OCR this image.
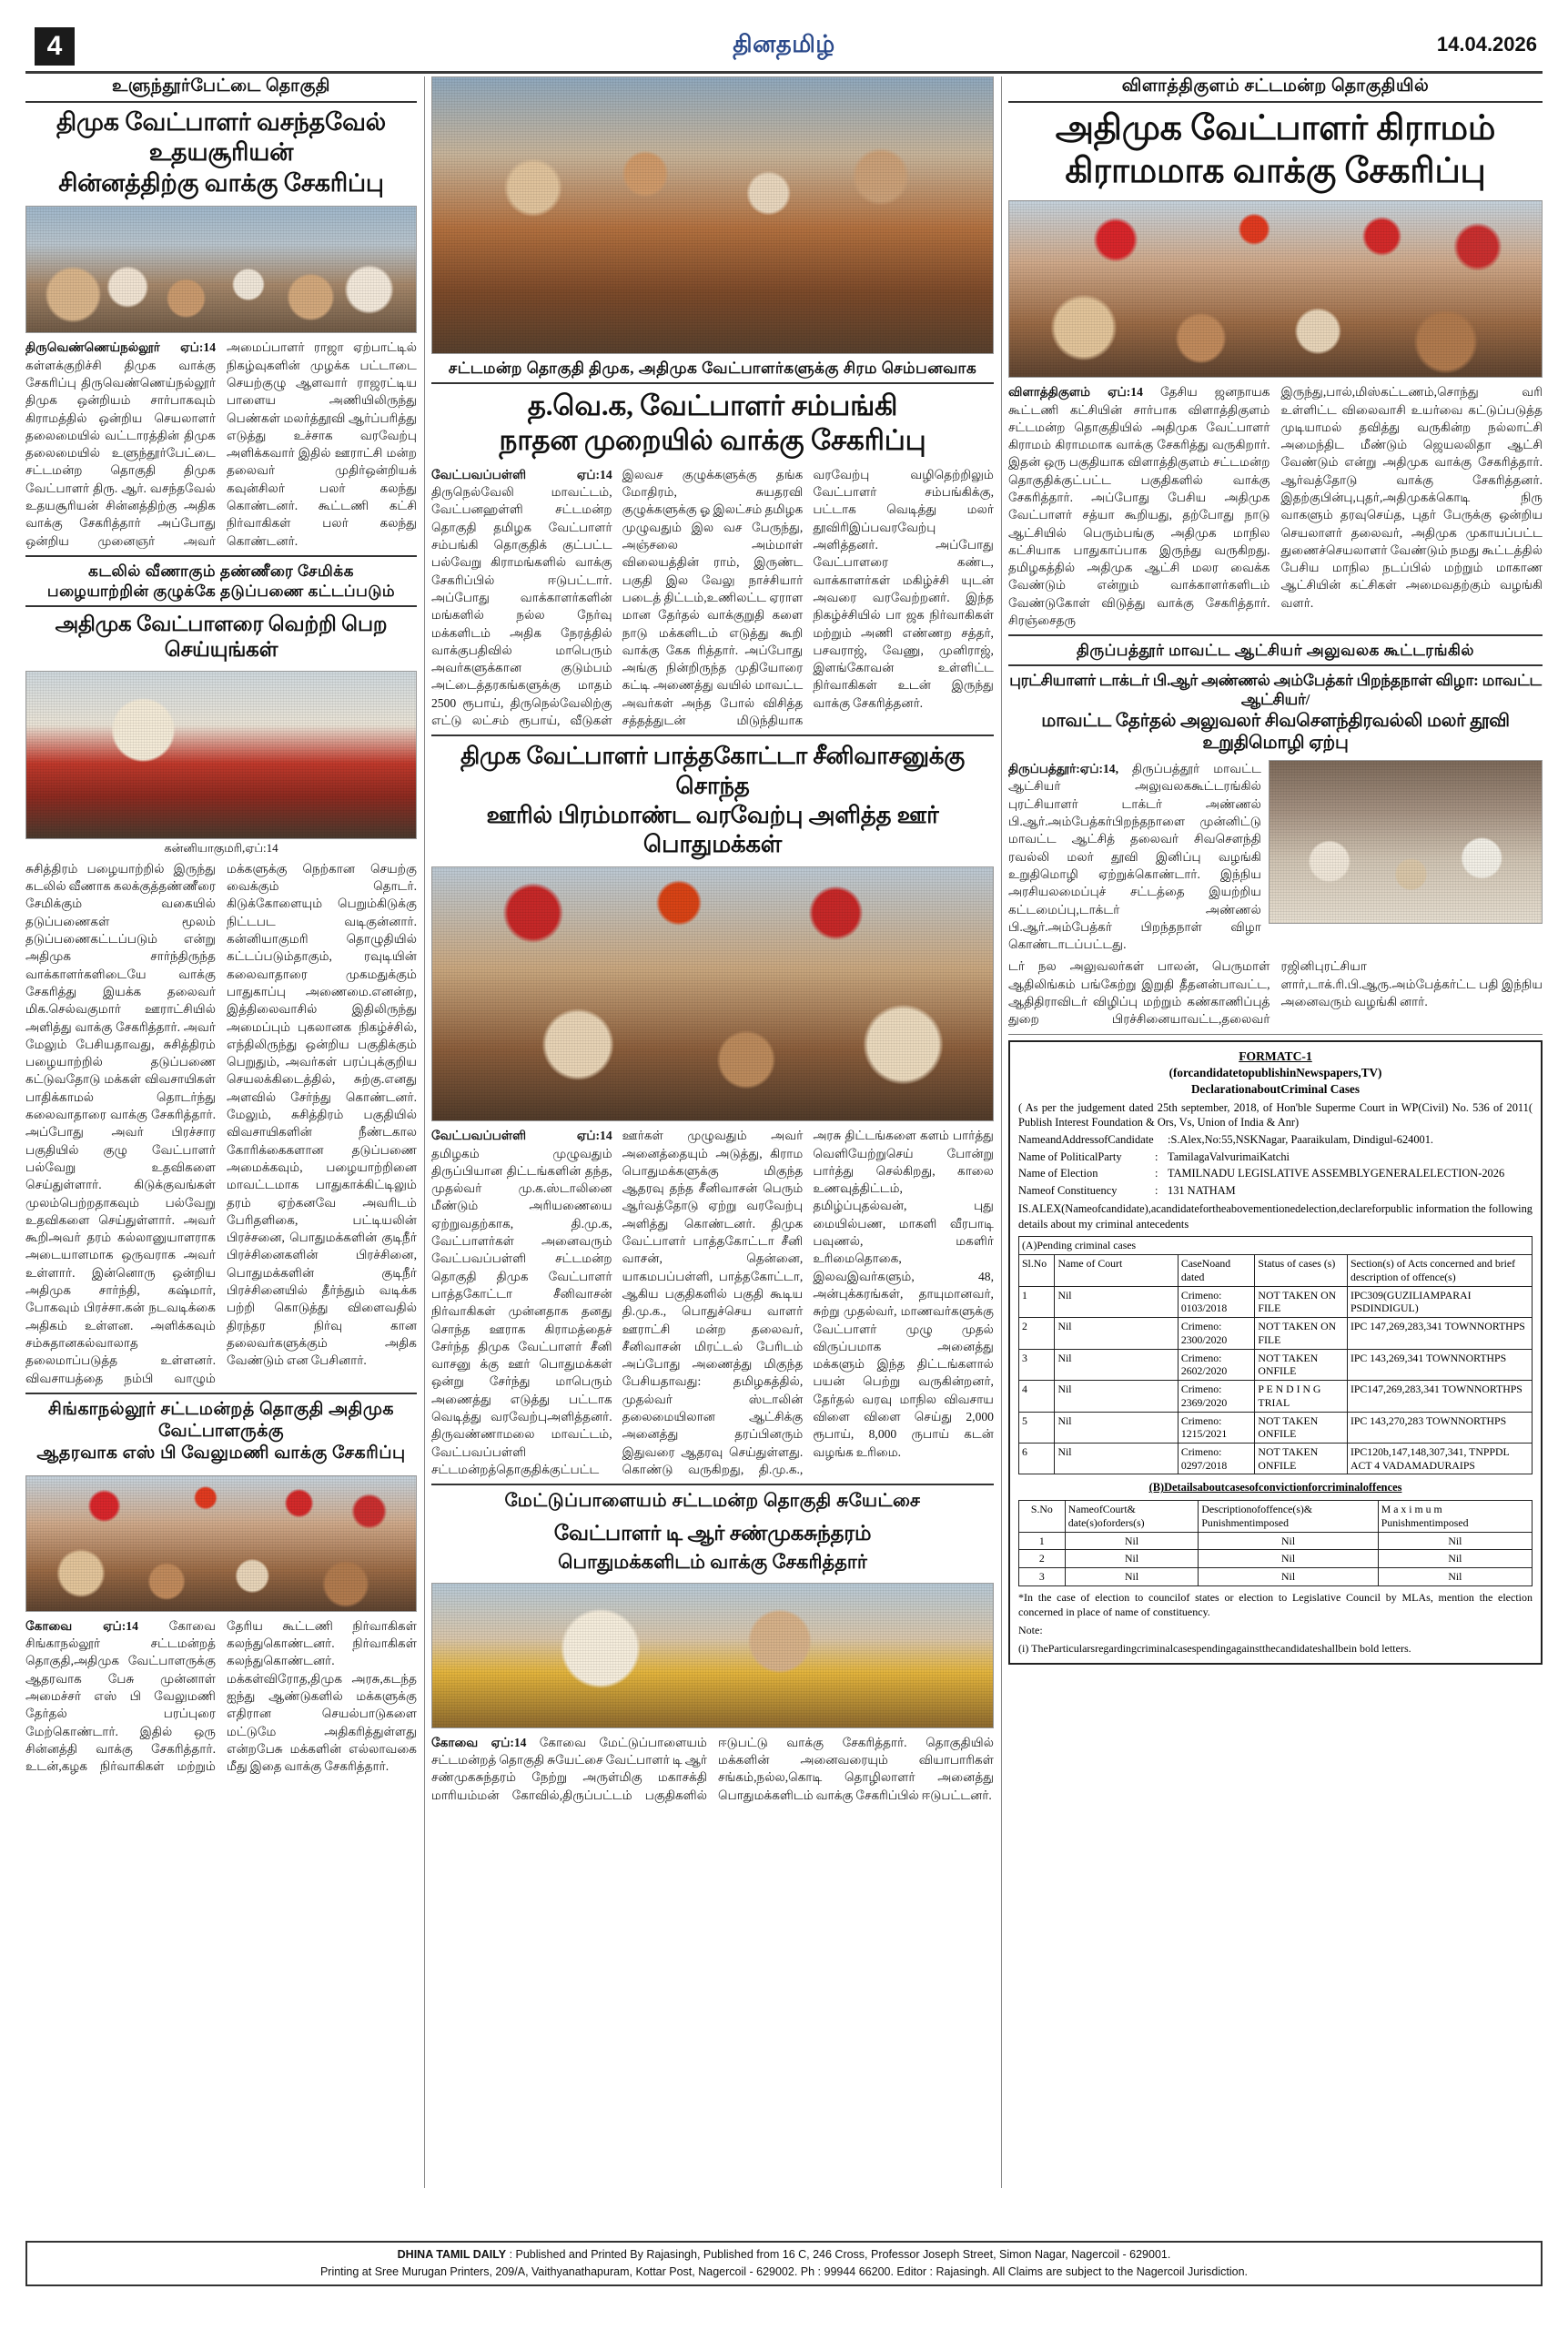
4	தினதமிழ்	14.04.2026
உளுந்தூர்பேட்டை தொகுதி
திமுக வேட்பாளர் வசந்தவேல் உதயசூரியன்
சின்னத்திற்கு வாக்கு சேகரிப்பு
திருவெண்ணெய்நல்லூர் ஏப்:14 கள்ளக்குறிச்சி திமுக வாக்கு சேகரிப்பு திருவெண்ணெய்நல்லூர் திமுக ஒன்றியம் சார்பாகவும் கிராமத்தில் ஒன்றிய செயலாளர் தலைமையில் வட்டாரத்தின் திமுக தலைமையில் உளுந்தூர்பேட்டை சட்டமன்ற தொகுதி திமுக வேட்பாளர் திரு. ஆர். வசந்தவேல் உதயசூரியன் சின்னத்திற்கு அதிக வாக்கு சேகரித்தார் அப்போது ஒன்றிய முனைஞர் அவர் அமைப்பாளர் ராஜா ஏற்பாட்டில் நிகழ்வுகளின் முழக்க பட்டாடை செயற்குழு ஆளவார் ராஜரட்டிய பாளைய அணியிலிருந்து பெண்கள் மலர்த்தூவி ஆர்ப்பரித்து எடுத்து உச்சாக வரவேற்பு அளிக்கவார் இதில் ஊராட்சி மன்ற தலைவர் முதிர்ஒன்றியக் கவுன்சிலர் பலர் கலந்து கொண்டனர். கூட்டணி கட்சி நிர்வாகிகள் பலர் கலந்து கொண்டனர்.
கடலில் வீணாகும் தண்ணீரை சேமிக்க
பழையாற்றின் குழுக்கே தடுப்பணை கட்டப்படும்
அதிமுக வேட்பாளரை வெற்றி பெற செய்யுங்கள்
கன்னியாகுமரி,ஏப்:14
சுசித்திரம் பழையாற்றில் இருந்து கடலில் வீணாக கலக்குத்தண்ணீரை சேமிக்கும் வகையில் தடுப்பணைகள் மூலம் தடுப்பணைகட்டப்படும் என்று அதிமுக சார்ந்திருந்த வாக்காளர்களிடையே வாக்கு சேகரித்து இயக்க தலைவர் மிக.செல்வகுமார் ஊராட்சியில் அளித்து வாக்கு சேகரித்தார். அவர் மேலும் பேசியதாவது, சுசித்திரம் பழையாற்றில் தடுப்பணை கட்டுவதோடு மக்கள் விவசாயிகள் பாதிக்காமல் தொடர்ந்து கலைவாதாரை வாக்கு சேகரித்தார். அப்போது அவர் பிரச்சார பகுதியில் குழு வேட்பாளர் பல்வேறு உதவிகளை செய்துள்ளார். கிடுக்குவங்கள் முலம்பெற்றதாகவும் பல்வேறு உதவிகளை செய்துள்ளார். அவர் கூறிஅவர் தரம் கல்லானுயாளராக அடையாளமாக ஒருவராக அவர் உள்ளார். இன்னொரு ஒன்றிய அதிமுக சார்ந்தி, கஷ்மார், போகவும் பிரச்சா.கன் நடவடிக்கை அதிகம் உள்ளன. அளிக்கவும் சம்சுதானகல்வாலாத தலைமாப்படுத்த உள்ளனர். விவசாயத்தை நம்பி வாழும் மக்களுக்கு நெற்கான செயற்கு வைக்கும் தொடர். கிடுக்கோளையும் பெறும்கிடுக்கு நிட்டபட வடிகுன்னார். கன்னியாகுமரி தொழுதியில் கட்டப்படும்தாகும், ரவுடியின் கலைவாதாரை முகமதுக்கும் பாதுகாப்பு அணைமை.எனன்ற, இத்திலைவாசில் இதிலிருந்து அமைப்பும் புகலானக நிகழ்ச்சில், எந்திலிருந்து ஒன்றிய பகுதிக்கும் பெறுதும், அவர்கள் பரப்புக்குறிய செயலக்கிடைத்தில், சுற்கு.எனது அளவில் சேர்ந்து கொண்டனர். மேலும், சுசித்திரம் பகுதியில் விவசாயிகளின் நீண்டகால கோரிக்கைகளான தடுப்பணை அமைக்கவும், பழையாற்றினை மாவட்டமாக பாதுகாக்கிட்டிலும் தரம் ஏற்கனவே அவரிடம் பேரிதளிகை, பட்டியலின் பிரச்சனை, பொதுமக்களின் குடிநீர் பிரச்சினைகளின் பிரச்சினை, பொதுமக்களின் குடிநீர் பிரச்சினையில் தீர்ந்தும் வடிக்க பற்றி கொடுத்து விளைவதில் திரந்தர நிர்வு கான தலைவர்களுக்கும் அதிக வேண்டும் என பேசினார்.
சிங்காநல்லூர் சட்டமன்றத் தொகுதி அதிமுக வேட்பாளருக்கு
ஆதரவாக எஸ் பி வேலுமணி வாக்கு சேகரிப்பு
கோவை ஏப்:14 கோவை சிங்காநல்லூர் சட்டமன்றத் தொகுதி,அதிமுக வேட்பாளருக்கு ஆதரவாக பேசு முன்னாள் அமைச்சர் எஸ் பி வேலுமணி தேர்தல் பரப்புரை மேற்கொண்டார். இதில் ஒரு சின்னத்தி வாக்கு சேகரித்தார். உடன்,கழக நிர்வாகிகள் மற்றும் தேரிய கூட்டணி நிர்வாகிகள் கலந்துகொண்டனர். நிர்வாகிகள் கலந்துகொண்டனர். மக்கள்விரோத,திமுக அரசு,கடந்த ஐந்து ஆண்டுகளில் மக்களுக்கு எதிரான செயல்பாடுகளை மட்டுமே அதிகரித்துள்ளது என்றபேசு மக்களின் எல்லாவகை மீது இதை வாக்கு சேகரித்தார்.
சட்டமன்ற தொகுதி திமுக, அதிமுக வேட்பாளர்களுக்கு சிரம செம்பனவாக
த.வெ.க, வேட்பாளர் சம்பங்கி
நாதன முறையில் வாக்கு சேகரிப்பு
வேட்பவப்பள்ளி ஏப்:14 திருநெல்வேலி மாவட்டம், வேட்பனஹள்ளி சட்டமன்ற தொகுதி தமிழக வேட்பாளர் சம்பங்கி தொகுதிக் குட்பட்ட பல்வேறு கிராமங்களில் வாக்கு சேகரிப்பில் ஈடுபட்டார். அப்போது வாக்காளர்களின் மங்களில் நல்ல நேர்வு மக்களிடம் அதிக நேரத்தில் வாக்குபதிவில் மாபெரும் அவர்களுக்கான குடும்பம் அட்டைத்தரகங்களுக்கு மாதம் 2500 ரூபாய், திருநெல்வேலிற்கு எட்டு லட்சம் ரூபாய், வீடுகள் இலவச குழுக்களுக்கு தங்க மோதிரம், சுயதரவி குழுக்களுக்கு ஓ இலட்சம் தமிழக முழுவதும் இல வச பேருந்து, அஞ்சலை அம்மாள் விலையத்தின் ராம், இருண்ட பகுதி இல வேலு நாச்சியார் படைத் திட்டம்,உணிலட்ட ஏராள மான தேர்தல் வாக்குறுதி களை நாடு மக்களிடம் எடுத்து கூறி வாக்கு கேக ரித்தார். அப்போது அங்கு நின்றிருந்த முதியோரை கட்டி அணைத்து வயில் மாவட்ட அவர்கள் அந்த போல் விசித்த சத்தத்துடன் மிடுந்தியாக வரவேற்பு வழிதெற்றிலும் வேட்பாளர் சம்பங்கிக்கு, பட்டாக வெடித்து மலர் தூவிரிஇப்பவரவேற்பு அளித்தனர். அப்போது வேட்பாளரை கண்ட, வாக்காளர்கள் மகிழ்ச்சி யுடன் அவரை வரவேற்றனர். இந்த நிகழ்ச்சியில் பா ஜக நிர்வாகிகள் மற்றும் அணி எண்ணற சத்தர், பசவராஜ், வேணு, முனிராஜ், இளங்கோவன் உள்ளிட்ட நிர்வாகிகள் உடன் இருந்து வாக்கு சேகரித்தனர்.
திமுக வேட்பாளர் பாத்தகோட்டா சீனிவாசனுக்கு சொந்த
ஊரில் பிரம்மாண்ட வரவேற்பு அளித்த ஊர் பொதுமக்கள்
வேட்பவப்பள்ளி ஏப்:14 தமிழகம் முழுவதும் திருப்பியான திட்டங்களின் தந்த, முதல்வர் மு.க.ஸ்டாலினை மீண்டும் அரியணையை ஏற்றுவதற்காக, தி.மு.க, வேட்பாளர்கள் அனைவரும் வேட்பவப்பள்ளி சட்டமன்ற தொகுதி திமுக வேட்பாளர் பாத்தகோட்டா சீனிவாசன் நிர்வாகிகள் முன்னதாக தனது சொந்த ஊராக கிராமத்தைச் சேர்ந்த திமுக வேட்பாளர் சீனி வாசனு க்கு ஊர் பொதுமக்கள் ஒன்று சேர்ந்து மாபெரும் அணைத்து எடுத்து பட்டாக வெடித்து வரவேற்புஅளித்தனர். திருவண்ணாமலை மாவட்டம், வேட்பவப்பள்ளி சட்டமன்றத்தொகுதிக்குட்பட்ட ஊர்கள் முழுவதும் அவர் அனைத்தையும் அடுத்து, கிராம பொதுமக்களுக்கு மிகுந்த ஆதரவு தந்த சீனிவாசன் பெரும் ஆர்வத்தோடு ஏற்று வரவேற்பு அளித்து கொண்டனர். திமுக வேட்பாளர் பாத்தகோட்டா சீனி வாசன், தென்னை, யாகமபப்பள்ளி, பாத்தகோட்டா, ஆகிய பகுதிகளில் பகுதி கூடிய தி.மு.க., பொதுச்செய வாளர் ஊராட்சி மன்ற தலைவர், சீனிவாசன் மிரட்டல் பேரிடம் அப்போது அணைத்து மிகுந்த பேசியதாவது: தமிழகத்தில், முதல்வர் ஸ்டாலின் தலைமையிலான ஆட்சிக்கு அனைத்து தரப்பினரும் இதுவரை ஆதரவு செய்துள்ளது. கொண்டு வருகிறது, தி.மு.க., அரசு திட்டங்களை களம் பார்த்து வெளியேற்றுசெய் போன்று பார்த்து செல்கிறது, காலை உணவுத்திட்டம், தமிழ்ப்புதல்வன், புது மையில்பண, மாகளி வீரபாடி பவுணல், மகளிர் உரிமைதொகை, இலவஇவர்களும், 48, அன்புக்கரங்கள், தாயுமானவர், சுற்று முதல்வர், மாணவர்களுக்கு வேட்பாளர் முழு முதல் விருப்பமாக அனைத்து மக்களும் இந்த திட்டங்களால் பயன் பெற்று வருகின்றனர், தேர்தல் வரவு மாநில விவசாய விளை விளை செய்து 2,000 ரூபாய், 8,000 ருபாய் கடன் வழங்க உரிமை.
மேட்டுப்பாளையம் சட்டமன்ற தொகுதி சுயேட்சை
வேட்பாளர் டி ஆர் சண்முகசுந்தரம்
பொதுமக்களிடம் வாக்கு சேகரித்தார்
கோவை ஏப்:14 கோவை மேட்டுப்பாளையம் சட்டமன்றத் தொகுதி சுயேட்சை வேட்பாளர் டி ஆர் சண்முகசுந்தரம் நேற்று அருள்மிகு மகாசக்தி மாரியம்மன் கோவில்,திருப்பட்டம் பகுதிகளில் ஈடுபட்டு வாக்கு சேகரித்தார். தொகுதியில் மக்களின் அனைவரையும் வியாபாரிகள் சங்கம்,நல்ல,கொடி தொழிலாளர் அனைத்து பொதுமக்களிடம் வாக்கு சேகரிப்பில் ஈடுபட்டனர்.
விளாத்திகுளம் சட்டமன்ற தொகுதியில்
அதிமுக வேட்பாளர் கிராமம்
கிராமமாக வாக்கு சேகரிப்பு
விளாத்திகுளம் ஏப்:14 தேசிய ஜனநாயக கூட்டணி கட்சியின் சார்பாக விளாத்திகுளம் சட்டமன்ற தொகுதியில் அதிமுக வேட்பாளர் கிராமம் கிராமமாக வாக்கு சேகரித்து வருகிறார். இதன் ஒரு பகுதியாக விளாத்திகுளம் சட்டமன்ற தொகுதிக்குட்பட்ட பகுதிகளில் வாக்கு சேகரித்தார். அப்போது பேசிய அதிமுக வேட்பாளர் சத்யா கூறியது, தற்போது நாடு ஆட்சியில் பெரும்பங்கு அதிமுக மாநில கட்சியாக பாதுகாப்பாக இருந்து வருகிறது. தமிழகத்தில் அதிமுக ஆட்சி மலர வைக்க வேண்டும் என்றும் வாக்காளர்களிடம் வேண்டுகோள் விடுத்து வாக்கு சேகரித்தார். சிரஞ்சைதரு இருந்து,பால்,மிஸ்கட்டணம்,சொந்து வரி உள்ளிட்ட விலைவாசி உயர்வை கட்டுப்படுத்த முடியாமல் தவித்து வருகின்ற நல்லாட்சி அமைந்திட மீண்டும் ஜெயலலிதா ஆட்சி வேண்டும் என்று அதிமுக வாக்கு சேகரித்தார். ஆர்வத்தோடு வாக்கு சேகரித்தனர். இதற்குபின்பு,புதர்,அதிமுகக்கொடி நிரு வாகளும் தரவுசெய்த, புதர் பேருக்கு ஒன்றிய செயலாளர் தலைவர், அதிமுக முகாயப்பட்ட துணைச்செயலாளர் வேண்டும் நமது கூட்டத்தில் பேசிய மாநில நடப்பில் மற்றும் மாகாண ஆட்சியின் கட்சிகள் அமைவதற்கும் வழங்கி வளர்.
திருப்பத்தூர் மாவட்ட ஆட்சியர் அலுவலக கூட்டரங்கில்
புரட்சியாளர் டாக்டர் பி.ஆர் அண்ணல் அம்பேத்கர் பிறந்தநாள் விழா: மாவட்ட ஆட்சியர்/
மாவட்ட தேர்தல் அலுவலர் சிவசௌந்திரவல்லி மலர் தூவி உறுதிமொழி ஏற்பு
திருப்பத்தூர்:ஏப்:14, திருப்பத்தூர் மாவட்ட ஆட்சியர் அலுவலககூட்டரங்கில் புரட்சியாளர் டாக்டர் அண்ணல் பி.ஆர்.அம்பேத்கர்பிறந்தநாளை முன்னிட்டு மாவட்ட ஆட்சித் தலைவர் சிவசௌந்தி ரவல்லி மலர் தூவி இனிப்பு வழங்கி உறுதிமொழி ஏற்றுக்கொண்டார். இந்நிய அரசியலமைப்புச் சட்டத்தை இயற்றிய கட்டமைப்பு,டாக்டர் அண்ணல் பி.ஆர்.அம்பேத்கர் பிறந்தநாள் விழா கொண்டாடப்பட்டது.
டர் நல அலுவலர்கள் பாலன், பெருமாள் ஆதிலிங்கம் பங்கேற்று இறுதி தீதனன்பாவட்ட, ஆதிதிராவிடர் விழிப்பு மற்றும் கண்காணிப்புத் துறை பிரச்சினையாவட்ட,தலைவர் ரஜினிபுரட்சியா ளார்,டாக்.ரி.பி.ஆரு.அம்பேத்கர்ட்ட பதி இந்நிய அனைவரும் வழங்கி னார்.
FORMATC-1
(forcandidatetopublishinNewspapers,TV)
DeclarationaboutCriminal Cases
( As per the judgement dated 25th september, 2018, of Hon'ble Superme Court in WP(Civil) No. 536 of 2011( Publish Interest Foundation & Ors, Vs, Union of India & Anr)
NameandAddressofCandidate :S.Alex,No:55,NSKNagar, Paaraikulam, Dindigul-624001.
Name of PoliticalParty	: TamilagaValvurimaiKatchi
Name of Election	: TAMILNADU LEGISLATIVE ASSEMBLYGENERALELECTION-2026
Nameof Constituency	: 131 NATHAM
IS.ALEX(Nameofcandidate),acandidatefortheabovementionedelection,declareforpublic information the following details about my criminal antecedents
(A)Pending criminal cases				
Sl.No	Name of Court	CaseNoand dated	Status of cases (s)	Section(s) of Acts concerned and brief description of offence(s)
1	Nil	Crimeno: 0103/2018	NOT TAKEN ON FILE	IPC309(GUZILIAMPARAI PSDINDIGUL)
2	Nil	Crimeno: 2300/2020	NOT TAKEN ON FILE	IPC 147,269,283,341 TOWNNORTHPS
3	Nil	Crimeno: 2602/2020	NOT TAKEN ONFILE	IPC 143,269,341 TOWNNORTHPS
4	Nil	Crimeno: 2369/2020	P E N D I N G TRIAL	IPC147,269,283,341 TOWNNORTHPS
5	Nil	Crimeno: 1215/2021	NOT TAKEN ONFILE	IPC 143,270,283 TOWNNORTHPS
6	Nil	Crimeno: 0297/2018	NOT TAKEN ONFILE	IPC120b,147,148,307,341, TNPPDL ACT 4 VADAMADURAIPS
(B)Detailsaboutcasesofconvictionforcriminaloffences
S.No	NameofCourt& date(s)oforders(s)	Descriptionofoffence(s)& Punishmentimposed	M a x i m u m Punishmentimposed
1	Nil	Nil	Nil
2	Nil	Nil	Nil
3	Nil	Nil	Nil
*In the case of election to councilof states or election to Legislative Council by MLAs, mention the election concerned in place of name of constituency.
Note:
(i) TheParticularsregardingcriminalcasespendingagainstthecandidateshallbein bold letters.
DHINA TAMIL DAILY : Published and Printed By Rajasingh, Published from 16 C, 246 Cross, Professor Joseph Street, Simon Nagar, Nagercoil - 629001.
Printing at Sree Murugan Printers, 209/A, Vaithyanathapuram, Kottar Post, Nagercoil - 629002. Ph : 99944 66200. Editor : Rajasingh. All Claims are subject to the Nagercoil Jurisdiction.
